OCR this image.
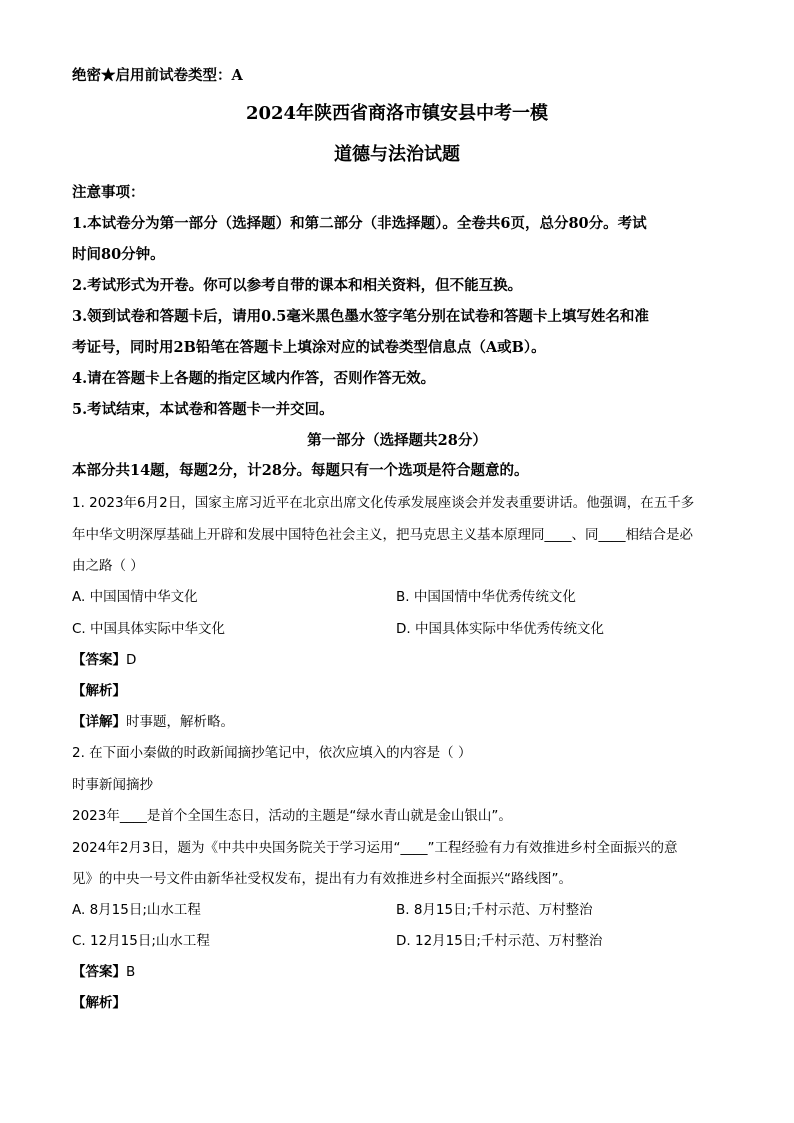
绝密★启用前试卷类型：A
2024年陕西省商洛市镇安县中考一模
道德与法治试题
注意事项：
1.本试卷分为第一部分（选择题）和第二部分（非选择题）。全卷共6页，总分80分。考试
时间80分钟。
2.考试形式为开卷。你可以参考自带的课本和相关资料，但不能互换。
3.领到试卷和答题卡后，请用0.5毫米黑色墨水签字笔分别在试卷和答题卡上填写姓名和准
考证号，同时用2B铅笔在答题卡上填涂对应的试卷类型信息点（A或B）。
4.请在答题卡上各题的指定区域内作答，否则作答无效。
5.考试结束，本试卷和答题卡一并交回。
第一部分（选择题共28分）
本部分共14题，每题2分，计28分。每题只有一个选项是符合题意的。
1. 2023年6月2日，国家主席习近平在北京出席文化传承发展座谈会并发表重要讲话。他强调，在五千多
年中华文明深厚基础上开辟和发展中国特色社会主义，把马克思主义基本原理同____、同____相结合是必
由之路（ ）
A. 中国国情中华文化	B. 中国国情中华优秀传统文化
C. 中国具体实际中华文化	D. 中国具体实际中华优秀传统文化
【答案】D
【解析】
【详解】时事题，解析略。
2. 在下面小秦做的时政新闻摘抄笔记中，依次应填入的内容是（ ）
时事新闻摘抄
2023年____是首个全国生态日，活动的主题是“绿水青山就是金山银山”。
2024年2月3日，题为《中共中央国务院关于学习运用“____”工程经验有力有效推进乡村全面振兴的意
见》的中央一号文件由新华社受权发布，提出有力有效推进乡村全面振兴“路线图”。
A. 8月15日;山水工程	B. 8月15日;千村示范、万村整治
C. 12月15日;山水工程	D. 12月15日;千村示范、万村整治
【答案】B
【解析】
